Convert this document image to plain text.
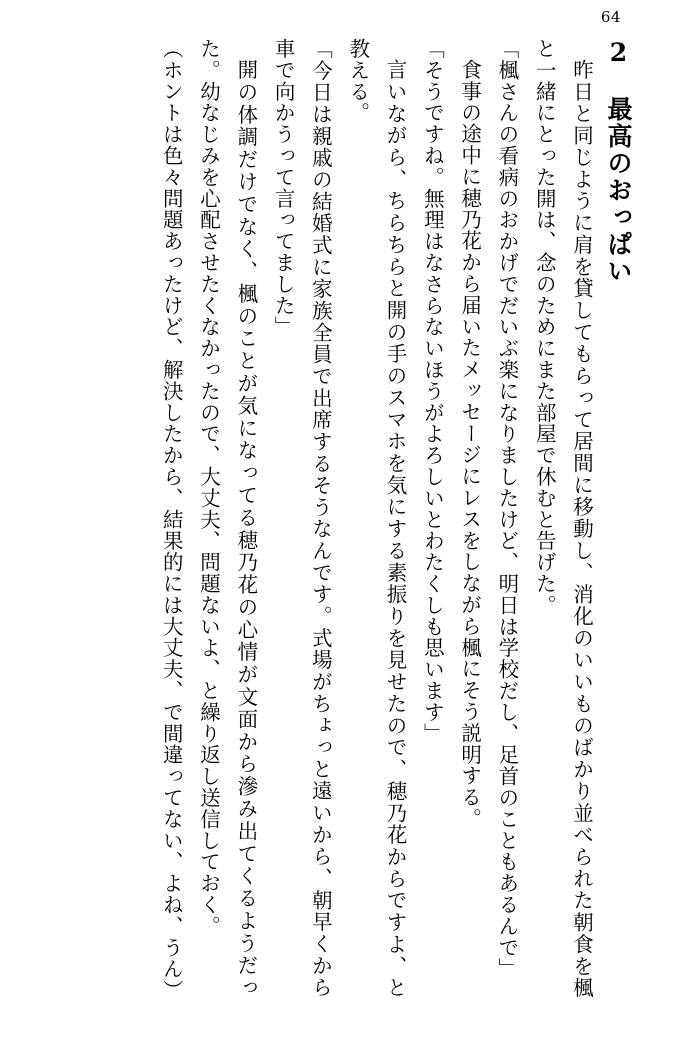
64
2　最高のおっぱい

昨日と同じように肩を貸してもらって居間に移動し、消化のいいものばかり並べられた朝食を楓と一緒にとった開は、念のためにまた部屋で休むと告げた。

「楓さんの看病のおかげでだいぶ楽になりましたけど、明日は学校だし、足首のこともあるんで」

食事の途中に穂乃花から届いたメッセージにレスをしながら楓にそう説明する。

「そうですね。無理はなさらないほうがよろしいとわたくしも思います」

言いながら、ちらちらと開の手のスマホを気にする素振りを見せたので、穂乃花からですよ、と教える。

「今日は親戚の結婚式に家族全員で出席するそうなんです。式場がちょっと遠いから、朝早くから車で向かうって言ってました」

開の体調だけでなく、楓のことが気になってる穂乃花の心情が文面から滲み出てくるようだった。幼なじみを心配させたくなかったので、大丈夫、問題ないよ、と繰り返し送信しておく。

（ホントは色々問題あったけど、解決したから、結果的には大丈夫、で間違ってない、よね、うん）
